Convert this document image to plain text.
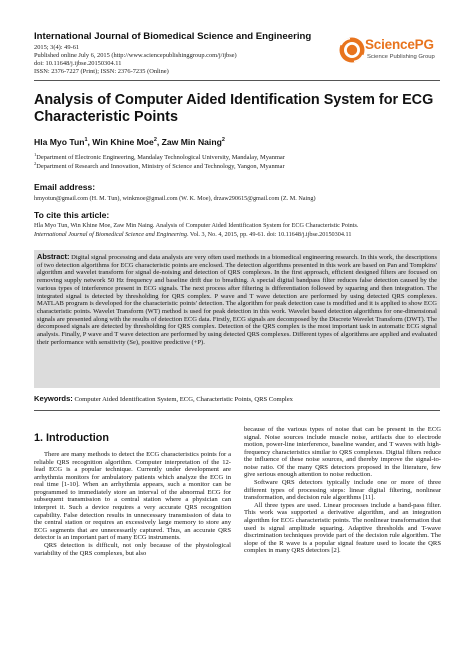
International Journal of Biomedical Science and Engineering
2015; 3(4): 49-61
Published online July 6, 2015 (http://www.sciencepublishinggroup.com/j/ijbse)
doi: 10.11648/j.ijbse.20150304.11
ISSN: 2376-7227 (Print); ISSN: 2376-7235 (Online)
SciencePG
Science Publishing Group
Analysis of Computer Aided Identification System for ECG Characteristic Points
Hla Myo Tun$^1$, Win Khine Moe$^2$, Zaw Min Naing$^2$
$^1$Department of Electronic Engineering, Mandalay Technological University, Mandalay, Myanmar
$^2$Department of Research and Innovation, Ministry of Science and Technology, Yangon, Myanmar
Email address:
hmyotun@gmail.com (H. M. Tun), winkmoe@gmail.com (W. K. Moe), drzaw290615@gmail.com (Z. M. Naing)
To cite this article:
Hla Myo Tun, Win Khine Moe, Zaw Min Naing. Analysis of Computer Aided Identification System for ECG Characteristic Points.
International Journal of Biomedical Science and Engineering. Vol. 3, No. 4, 2015, pp. 49-61. doi: 10.11648/j.ijbse.20150304.11
Abstract: Digital signal processing and data analysis are very often used methods in a biomedical engineering research. In this work, the descriptions of two detection algorithms for ECG characteristic points are enclosed. The detection algorithms presented in this work are based on Pan and Tompkins' algorithm and wavelet transform for signal de-noising and detection of QRS complexes. In the first approach, efficient designed filters are focused on removing supply network 50 Hz frequency and baseline drift due to breathing. A special digital bandpass filter reduces false detection caused by the various types of interference present in ECG signals. The next process after filtering is differentiation followed by squaring and then integration. The integrated signal is detected by thresholding for QRS complex. P wave and T wave detection are performed by using detected QRS complexes. MATLAB program is developed for the characteristic points' detection. The algorithm for peak detection case is modified and it is applied to show ECG characteristic points. Wavelet Transform (WT) method is used for peak detection in this work. Wavelet based detection algorithms for one-dimensional signals are presented along with the results of detection ECG data. Firstly, ECG signals are decomposed by the Discrete Wavelet Transform (DWT). The decomposed signals are detected by thresholding for QRS complex. Detection of the QRS complex is the most important task in automatic ECG signal analysis. Finally, P wave and T wave detection are performed by using detected QRS complexes. Different types of algorithms are applied and evaluated their performance with sensitivity (Se), positive predictive (+P).
Keywords: Computer Aided Identification System, ECG, Characteristic Points, QRS Complex
1. Introduction

There are many methods to detect the ECG characteristics points for a reliable QRS recognition algorithm. Computer interpretation of the 12-lead ECG is a popular technique. Currently under development are arrhythmia monitors for ambulatory patients which analyze the ECG in real time [1-10]. When an arrhythmia appears, such a monitor can be programmed to immediately store an interval of the abnormal ECG for subsequent transmission to a central station where a physician can interpret it. Such a device requires a very accurate QRS recognition capability. False detection results in unnecessary transmission of data to the central station or requires an excessively large memory to store any ECG segments that are unnecessarily captured. Thus, an accurate QRS detector is an important part of many ECG instruments.

QRS detection is difficult, not only because of the physiological variability of the QRS complexes, but also

because of the various types of noise that can be present in the ECG signal. Noise sources include muscle noise, artifacts due to electrode motion, power-line interference, baseline wander, and T waves with high-frequency characteristics similar to QRS complexes. Digital filters reduce the influence of these noise sources, and thereby improve the signal-to-noise ratio. Of the many QRS detectors proposed in the literature, few give serious enough attention to noise reduction.

Software QRS detectors typically include one or more of three different types of processing steps: linear digital filtering, nonlinear transformation, and decision rule algorithms [11].

All three types are used. Linear processes include a band-pass filter. This work was supported a derivative algorithm, and an integration algorithm for ECG characteristic points. The nonlinear transformation that used is signal amplitude squaring. Adaptive thresholds and T-wave discrimination techniques provide part of the decision rule algorithm. The slope of the R wave is a popular signal feature used to locate the QRS complex in many QRS detectors [2].
